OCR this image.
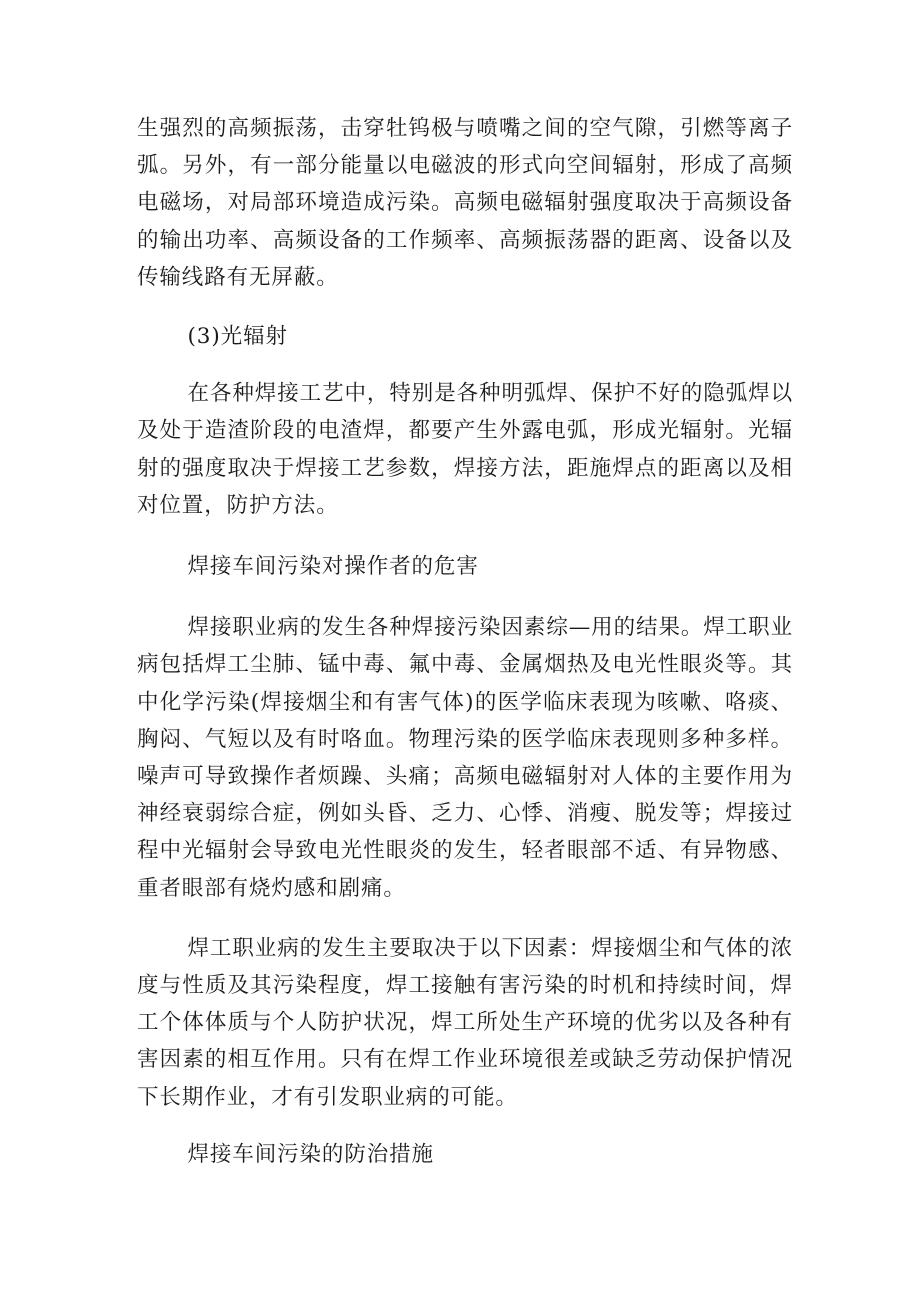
生强烈的高频振荡，击穿牡钨极与喷嘴之间的空气隙，引燃等离子弧。另外，有一部分能量以电磁波的形式向空间辐射，形成了高频电磁场，对局部环境造成污染。高频电磁辐射强度取决于高频设备的输出功率、高频设备的工作频率、高频振荡器的距离、设备以及传输线路有无屏蔽。

(3)光辐射

在各种焊接工艺中，特别是各种明弧焊、保护不好的隐弧焊以及处于造渣阶段的电渣焊，都要产生外露电弧，形成光辐射。光辐射的强度取决于焊接工艺参数，焊接方法，距施焊点的距离以及相对位置，防护方法。

焊接车间污染对操作者的危害

焊接职业病的发生各种焊接污染因素综—用的结果。焊工职业病包括焊工尘肺、锰中毒、氟中毒、金属烟热及电光性眼炎等。其中化学污染(焊接烟尘和有害气体)的医学临床表现为咳嗽、咯痰、胸闷、气短以及有时咯血。物理污染的医学临床表现则多种多样。噪声可导致操作者烦躁、头痛；高频电磁辐射对人体的主要作用为神经衰弱综合症，例如头昏、乏力、心悸、消瘦、脱发等；焊接过程中光辐射会导致电光性眼炎的发生，轻者眼部不适、有异物感、重者眼部有烧灼感和剧痛。

焊工职业病的发生主要取决于以下因素：焊接烟尘和气体的浓度与性质及其污染程度，焊工接触有害污染的时机和持续时间，焊工个体体质与个人防护状况，焊工所处生产环境的优劣以及各种有害因素的相互作用。只有在焊工作业环境很差或缺乏劳动保护情况下长期作业，才有引发职业病的可能。

焊接车间污染的防治措施
